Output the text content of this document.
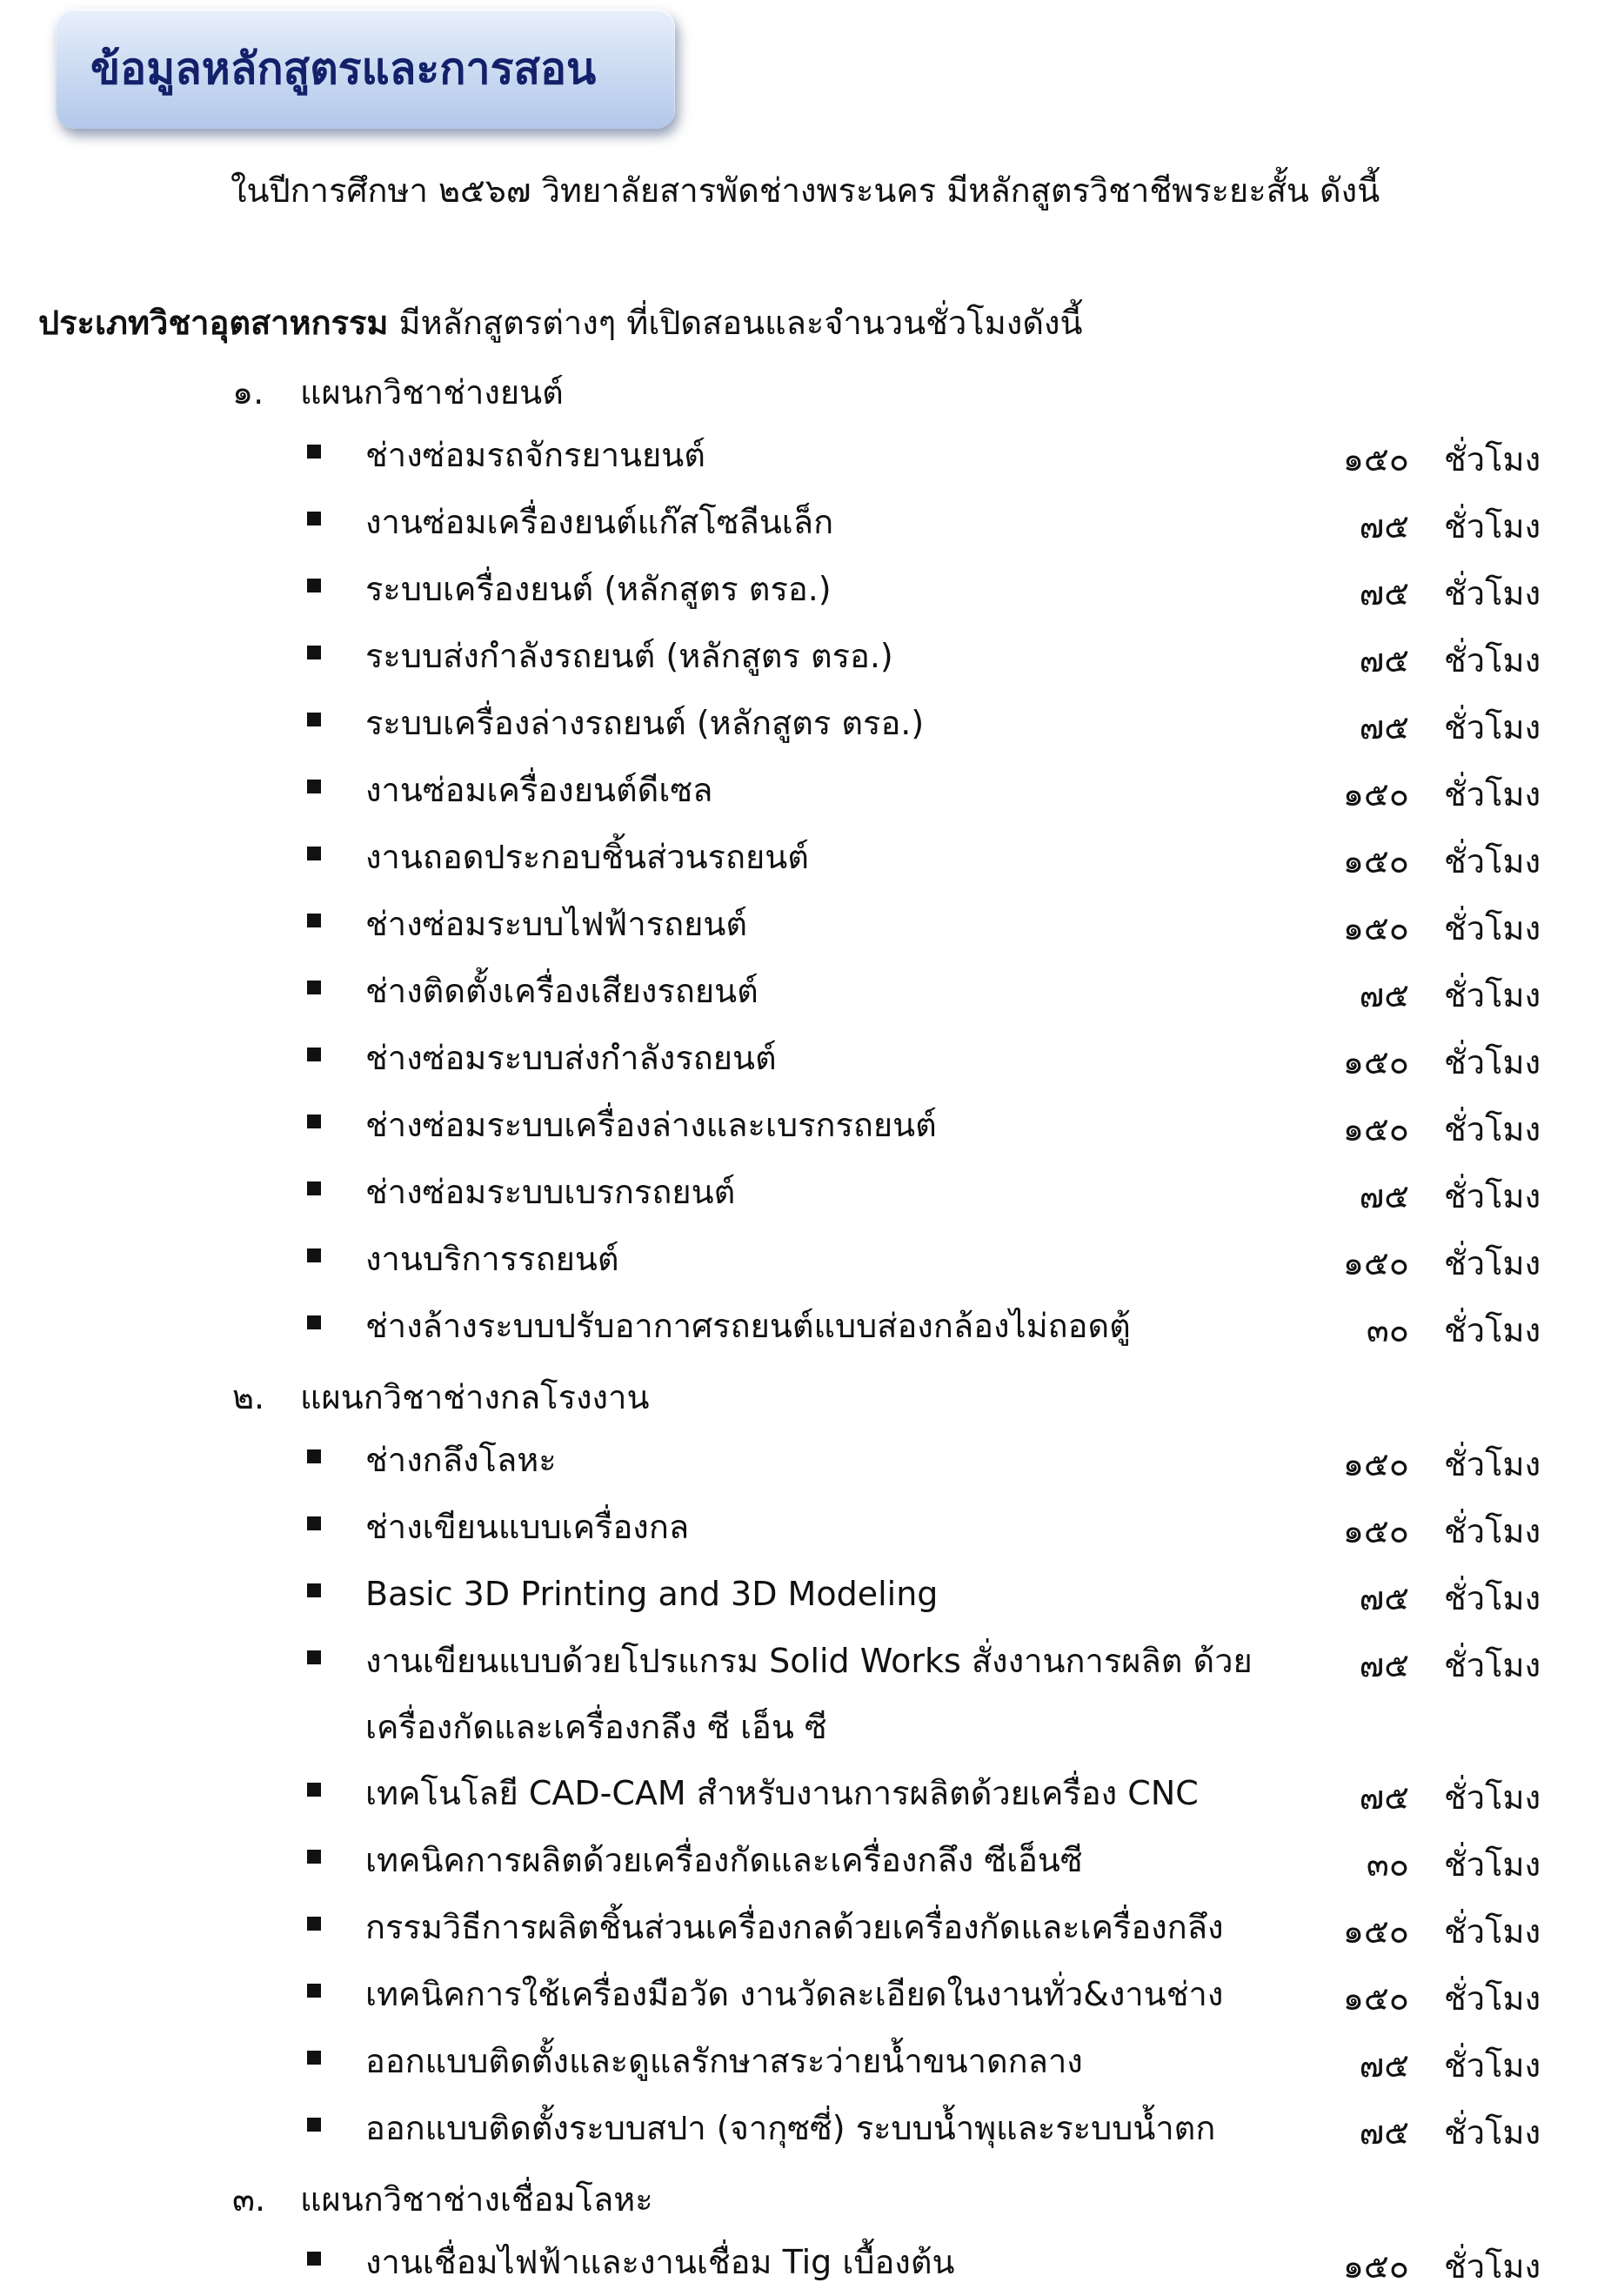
ข้อมูลหลักสูตรและการสอน
ในปีการศึกษา ๒๕๖๗ วิทยาลัยสารพัดช่างพระนคร มีหลักสูตรวิชาชีพระยะสั้น ดังนี้
ประเภทวิชาอุตสาหกรรม มีหลักสูตรต่างๆ ที่เปิดสอนและจำนวนชั่วโมงดังนี้
๑. แผนกวิชาช่างยนต์
ช่างซ่อมรถจักรยานยนต์	๑๕๐ ชั่วโมง
งานซ่อมเครื่องยนต์แก๊สโซลีนเล็ก	๗๕ ชั่วโมง
ระบบเครื่องยนต์ (หลักสูตร ตรอ.)	๗๕ ชั่วโมง
ระบบส่งกำลังรถยนต์ (หลักสูตร ตรอ.)	๗๕ ชั่วโมง
ระบบเครื่องล่างรถยนต์ (หลักสูตร ตรอ.)	๗๕ ชั่วโมง
งานซ่อมเครื่องยนต์ดีเซล	๑๕๐ ชั่วโมง
งานถอดประกอบชิ้นส่วนรถยนต์	๑๕๐ ชั่วโมง
ช่างซ่อมระบบไฟฟ้ารถยนต์	๑๕๐ ชั่วโมง
ช่างติดตั้งเครื่องเสียงรถยนต์	๗๕ ชั่วโมง
ช่างซ่อมระบบส่งกำลังรถยนต์	๑๕๐ ชั่วโมง
ช่างซ่อมระบบเครื่องล่างและเบรกรถยนต์	๑๕๐ ชั่วโมง
ช่างซ่อมระบบเบรกรถยนต์	๗๕ ชั่วโมง
งานบริการรถยนต์	๑๕๐ ชั่วโมง
ช่างล้างระบบปรับอากาศรถยนต์แบบส่องกล้องไม่ถอดตู้	๓๐ ชั่วโมง
๒. แผนกวิชาช่างกลโรงงาน
ช่างกลึงโลหะ	๑๕๐ ชั่วโมง
ช่างเขียนแบบเครื่องกล	๑๕๐ ชั่วโมง
Basic 3D Printing and 3D Modeling	๗๕ ชั่วโมง
งานเขียนแบบด้วยโปรแกรม Solid Works สั่งงานการผลิต ด้วยเครื่องกัดและเครื่องกลึง ซี เอ็น ซี
๗๕ ชั่วโมง
เทคโนโลยี CAD-CAM สำหรับงานการผลิตด้วยเครื่อง CNC	๗๕ ชั่วโมง
เทคนิคการผลิตด้วยเครื่องกัดและเครื่องกลึง ซีเอ็นซี	๓๐ ชั่วโมง
กรรมวิธีการผลิตชิ้นส่วนเครื่องกลด้วยเครื่องกัดและเครื่องกลึง	๑๕๐ ชั่วโมง
เทคนิคการใช้เครื่องมือวัด งานวัดละเอียดในงานทั่ว&งานช่าง	๑๕๐ ชั่วโมง
ออกแบบติดตั้งและดูแลรักษาสระว่ายน้ำขนาดกลาง	๗๕ ชั่วโมง
ออกแบบติดตั้งระบบสปา (จากุซซี่) ระบบน้ำพุและระบบน้ำตก	๗๕ ชั่วโมง
๓. แผนกวิชาช่างเชื่อมโลหะ
งานเชื่อมไฟฟ้าและงานเชื่อม Tig เบื้องต้น	๑๕๐ ชั่วโมง
